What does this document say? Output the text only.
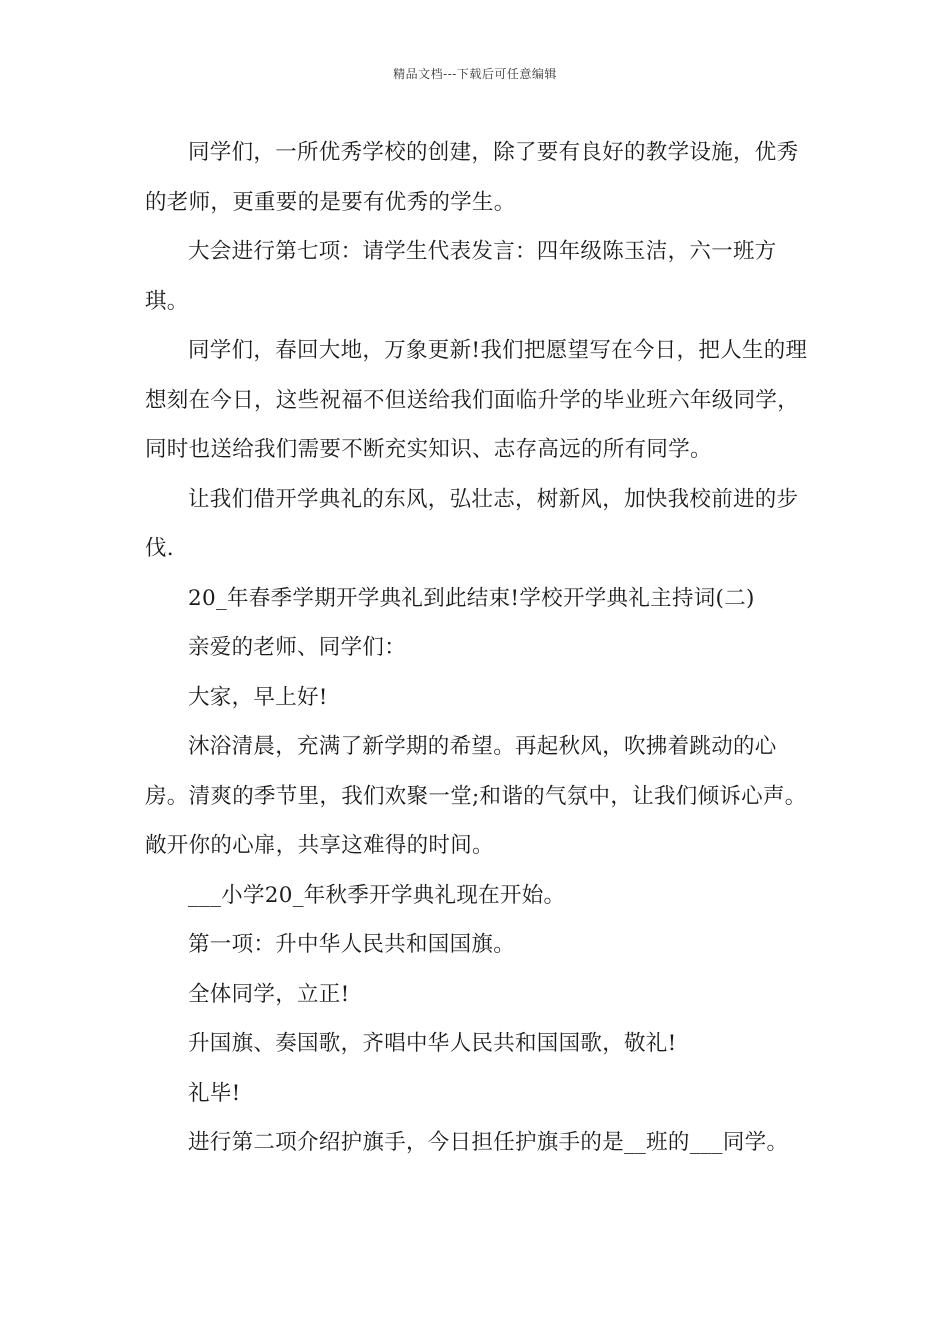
精品文档---下载后可任意编辑

同学们，一所优秀学校的创建，除了要有良好的教学设施，优秀的老师，更重要的是要有优秀的学生。

大会进行第七项：请学生代表发言：四年级陈玉洁，六一班方琪。

同学们，春回大地，万象更新!我们把愿望写在今日，把人生的理想刻在今日，这些祝福不但送给我们面临升学的毕业班六年级同学，同时也送给我们需要不断充实知识、志存高远的所有同学。

让我们借开学典礼的东风，弘壮志，树新风，加快我校前进的步伐.

20_年春季学期开学典礼到此结束!学校开学典礼主持词(二)

亲爱的老师、同学们：

大家，早上好!

沐浴清晨，充满了新学期的希望。再起秋风，吹拂着跳动的心房。清爽的季节里，我们欢聚一堂;和谐的气氛中，让我们倾诉心声。敞开你的心扉，共享这难得的时间。

___小学20_年秋季开学典礼现在开始。

第一项：升中华人民共和国国旗。

全体同学，立正!

升国旗、奏国歌，齐唱中华人民共和国国歌，敬礼!

礼毕!

进行第二项介绍护旗手，今日担任护旗手的是__班的___同学。
